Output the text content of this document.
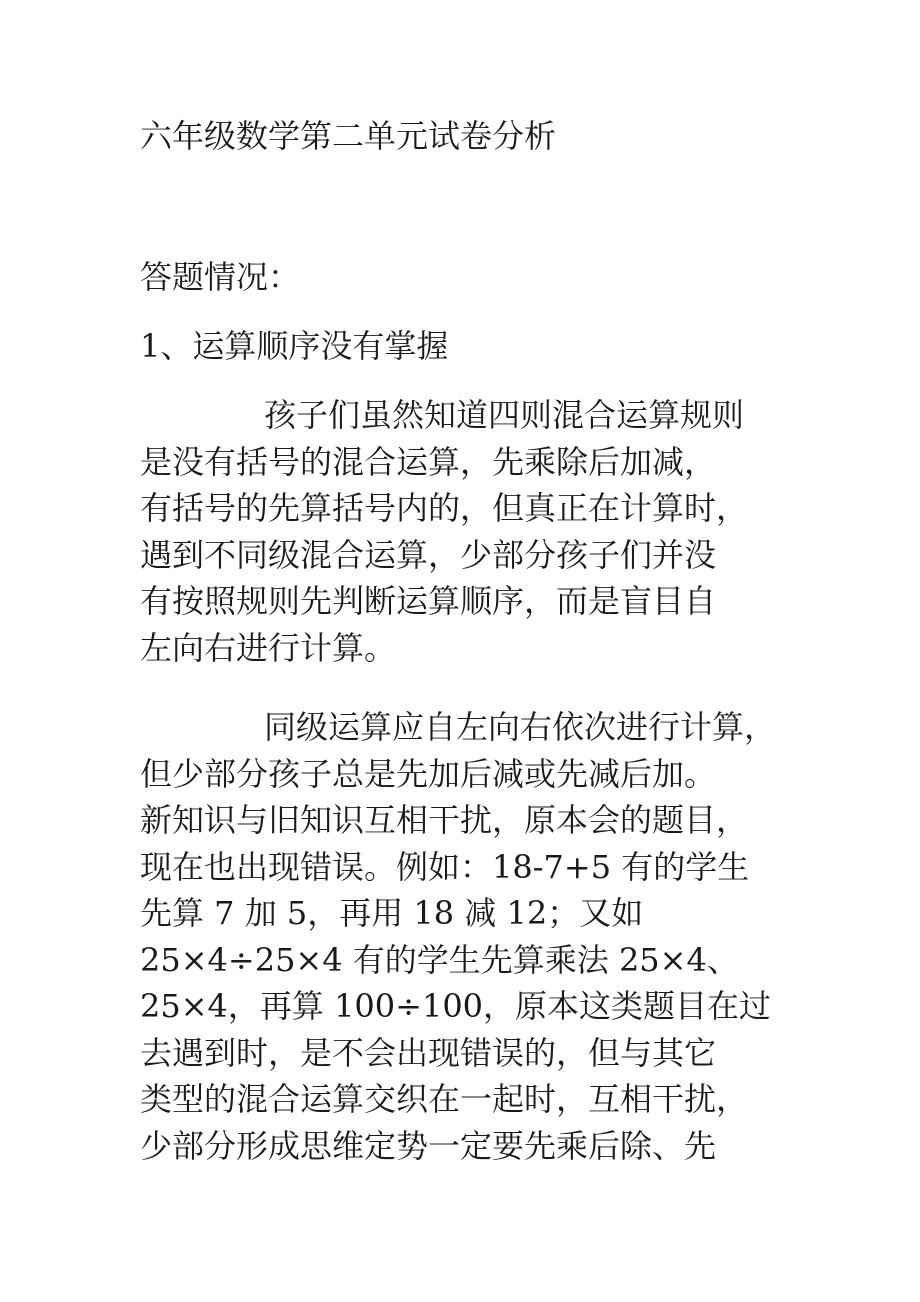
六年级数学第二单元试卷分析

答题情况：

1、运算顺序没有掌握

孩子们虽然知道四则混合运算规则
是没有括号的混合运算，先乘除后加减，
有括号的先算括号内的，但真正在计算时，
遇到不同级混合运算，少部分孩子们并没
有按照规则先判断运算顺序，而是盲目自
左向右进行计算。

同级运算应自左向右依次进行计算，
但少部分孩子总是先加后减或先减后加。
新知识与旧知识互相干扰，原本会的题目，
现在也出现错误。例如：18-7+5 有的学生
先算 7 加 5，再用 18 减 12；又如
25×4÷25×4 有的学生先算乘法 25×4、
25×4，再算 100÷100，原本这类题目在过
去遇到时，是不会出现错误的，但与其它
类型的混合运算交织在一起时，互相干扰，
少部分形成思维定势一定要先乘后除、先
